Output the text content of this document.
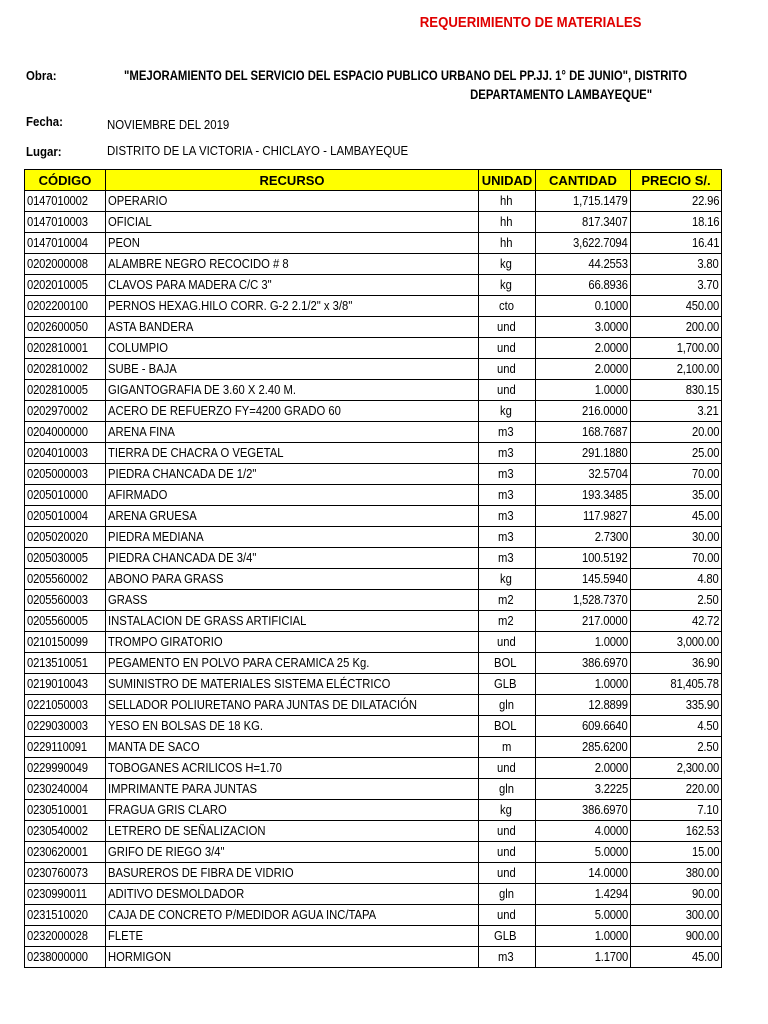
REQUERIMIENTO DE MATERIALES
Obra:	"MEJORAMIENTO DEL SERVICIO DEL ESPACIO PUBLICO URBANO DEL PP.JJ. 1° DE JUNIO", DISTRITO
DEPARTAMENTO LAMBAYEQUE"
Fecha:	NOVIEMBRE DEL 2019
Lugar:	DISTRITO DE LA VICTORIA - CHICLAYO - LAMBAYEQUE
CÓDIGO	RECURSO	UNIDAD	CANTIDAD	PRECIO S/.
0147010002	OPERARIO	hh	1,715.1479	22.96
0147010003	OFICIAL	hh	817.3407	18.16
0147010004	PEON	hh	3,622.7094	16.41
0202000008	ALAMBRE NEGRO RECOCIDO # 8	kg	44.2553	3.80
0202010005	CLAVOS PARA MADERA C/C 3"	kg	66.8936	3.70
0202200100	PERNOS HEXAG.HILO CORR. G-2 2.1/2" x 3/8"	cto	0.1000	450.00
0202600050	ASTA BANDERA	und	3.0000	200.00
0202810001	COLUMPIO	und	2.0000	1,700.00
0202810002	SUBE - BAJA	und	2.0000	2,100.00
0202810005	GIGANTOGRAFIA DE 3.60 X 2.40 M.	und	1.0000	830.15
0202970002	ACERO DE REFUERZO FY=4200 GRADO 60	kg	216.0000	3.21
0204000000	ARENA FINA	m3	168.7687	20.00
0204010003	TIERRA DE CHACRA O VEGETAL	m3	291.1880	25.00
0205000003	PIEDRA CHANCADA DE 1/2"	m3	32.5704	70.00
0205010000	AFIRMADO	m3	193.3485	35.00
0205010004	ARENA GRUESA	m3	117.9827	45.00
0205020020	PIEDRA MEDIANA	m3	2.7300	30.00
0205030005	PIEDRA CHANCADA DE 3/4"	m3	100.5192	70.00
0205560002	ABONO PARA GRASS	kg	145.5940	4.80
0205560003	GRASS	m2	1,528.7370	2.50
0205560005	INSTALACION DE GRASS ARTIFICIAL	m2	217.0000	42.72
0210150099	TROMPO GIRATORIO	und	1.0000	3,000.00
0213510051	PEGAMENTO EN POLVO PARA CERAMICA 25 Kg.	BOL	386.6970	36.90
0219010043	SUMINISTRO DE MATERIALES SISTEMA ELÉCTRICO	GLB	1.0000	81,405.78
0221050003	SELLADOR POLIURETANO PARA JUNTAS DE DILATACIÓN	gln	12.8899	335.90
0229030003	YESO EN BOLSAS DE 18 KG.	BOL	609.6640	4.50
0229110091	MANTA DE SACO	m	285.6200	2.50
0229990049	TOBOGANES ACRILICOS H=1.70	und	2.0000	2,300.00
0230240004	IMPRIMANTE PARA JUNTAS	gln	3.2225	220.00
0230510001	FRAGUA GRIS CLARO	kg	386.6970	7.10
0230540002	LETRERO DE SEÑALIZACION	und	4.0000	162.53
0230620001	GRIFO DE RIEGO 3/4"	und	5.0000	15.00
0230760073	BASUREROS DE FIBRA DE VIDRIO	und	14.0000	380.00
0230990011	ADITIVO DESMOLDADOR	gln	1.4294	90.00
0231510020	CAJA DE CONCRETO P/MEDIDOR AGUA INC/TAPA	und	5.0000	300.00
0232000028	FLETE	GLB	1.0000	900.00
0238000000	HORMIGON	m3	1.1700	45.00
